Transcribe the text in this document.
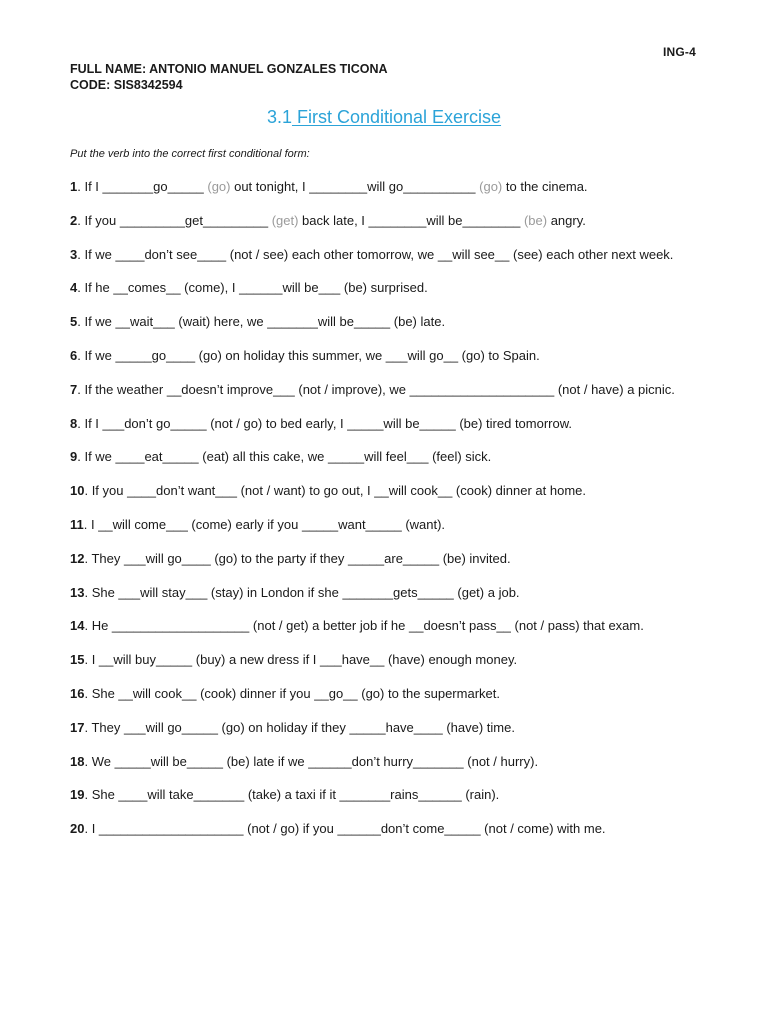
ING-4
FULL NAME: ANTONIO MANUEL GONZALES TICONA
CODE: SIS8342594
3.1 First Conditional Exercise
Put the verb into the correct first conditional form:
1. If I _______go_____ (go) out tonight, I ________will go__________ (go) to the cinema.
2. If you _________get_________ (get) back late, I ________will be________ (be) angry.
3. If we ____don’t see____ (not / see) each other tomorrow, we __will see__ (see) each other next week.
4. If he __comes__ (come), I ______will be___ (be) surprised.
5. If we __wait___ (wait) here, we _______will be_____ (be) late.
6. If we _____go____ (go) on holiday this summer, we ___will go__ (go) to Spain.
7. If the weather __doesn’t improve___ (not / improve), we ____________________ (not / have) a picnic.
8. If I ___don’t go_____ (not / go) to bed early, I _____will be_____ (be) tired tomorrow.
9. If we ____eat_____ (eat) all this cake, we _____will feel___ (feel) sick.
10. If you ____don’t want___ (not / want) to go out, I __will cook__ (cook) dinner at home.
11. I __will come___ (come) early if you _____want_____ (want).
12. They ___will go____ (go) to the party if they _____are_____ (be) invited.
13. She ___will stay___ (stay) in London if she _______gets_____ (get) a job.
14. He ___________________ (not / get) a better job if he __doesn’t pass__ (not / pass) that exam.
15. I __will buy_____ (buy) a new dress if I ___have__ (have) enough money.
16. She __will cook__ (cook) dinner if you __go__ (go) to the supermarket.
17. They ___will go_____ (go) on holiday if they _____have____ (have) time.
18. We _____will be_____ (be) late if we ______don’t hurry_______ (not / hurry).
19. She ____will take_______ (take) a taxi if it _______rains______ (rain).
20. I ____________________ (not / go) if you ______don’t come_____ (not / come) with me.
